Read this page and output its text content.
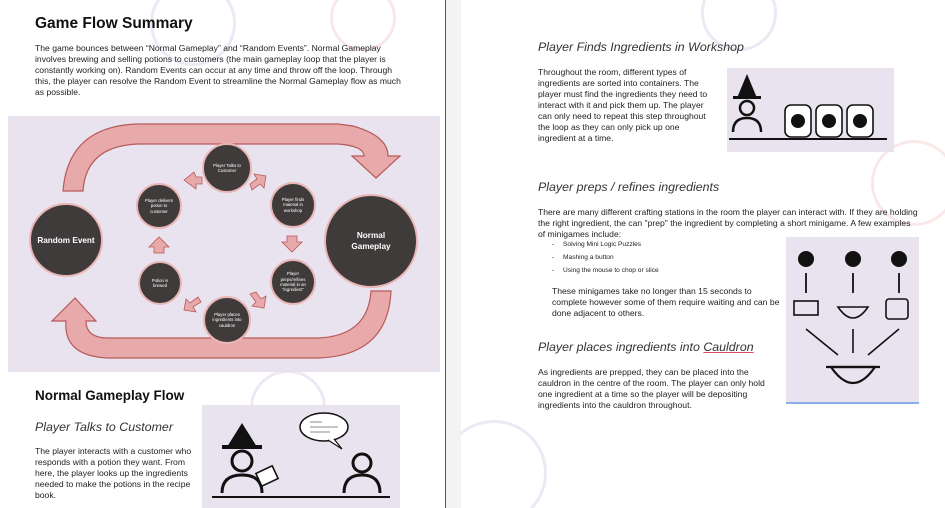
Game Flow Summary

The game bounces between “Normal Gameplay” and “Random Events”. Normal Gameplay involves brewing and selling potions to customers (the main gameplay loop that the player is constantly working on). Random Events can occur at any time and throw off the loop. Through this, the player can resolve the Random Event to streamline the Normal Gameplay flow as much as possible.

Random Event	Normal Gameplay
Player Talks to Customer
Player finds material in workshop
Player preps/refines material in an "ingredient"
Player places ingredients into cauldron
Potion is brewed
Player delivers potion to customer
Normal Gameplay Flow

Player Talks to Customer

The player interacts with a customer who responds with a potion they want. From here, the player looks up the ingredients needed to make the potions in the recipe book.

Player Finds Ingredients in Workshop

Throughout the room, different types of ingredients are sorted into containers. The player must find the ingredients they need to interact with it and pick them up. The player can only need to repeat this step throughout the loop as they can only pick up one ingredient at a time.

Player preps / refines ingredients

There are many different crafting stations in the room the player can interact with. If they are holding the right ingredient, the can "prep" the ingredient by completing a short minigame. A few examples of minigames include:

- Solving Mini Logic Puzzles
- Mashing a button
- Using the mouse to chop or slice

These minigames take no longer than 15 seconds to complete however some of them require waiting and can be done adjacent to others.

Player places ingredients into Cauldron

As ingredients are prepped, they can be placed into the cauldron in the centre of the room. The player can only hold one ingredient at a time so the player will be depositing ingredients into the cauldron throughout.
